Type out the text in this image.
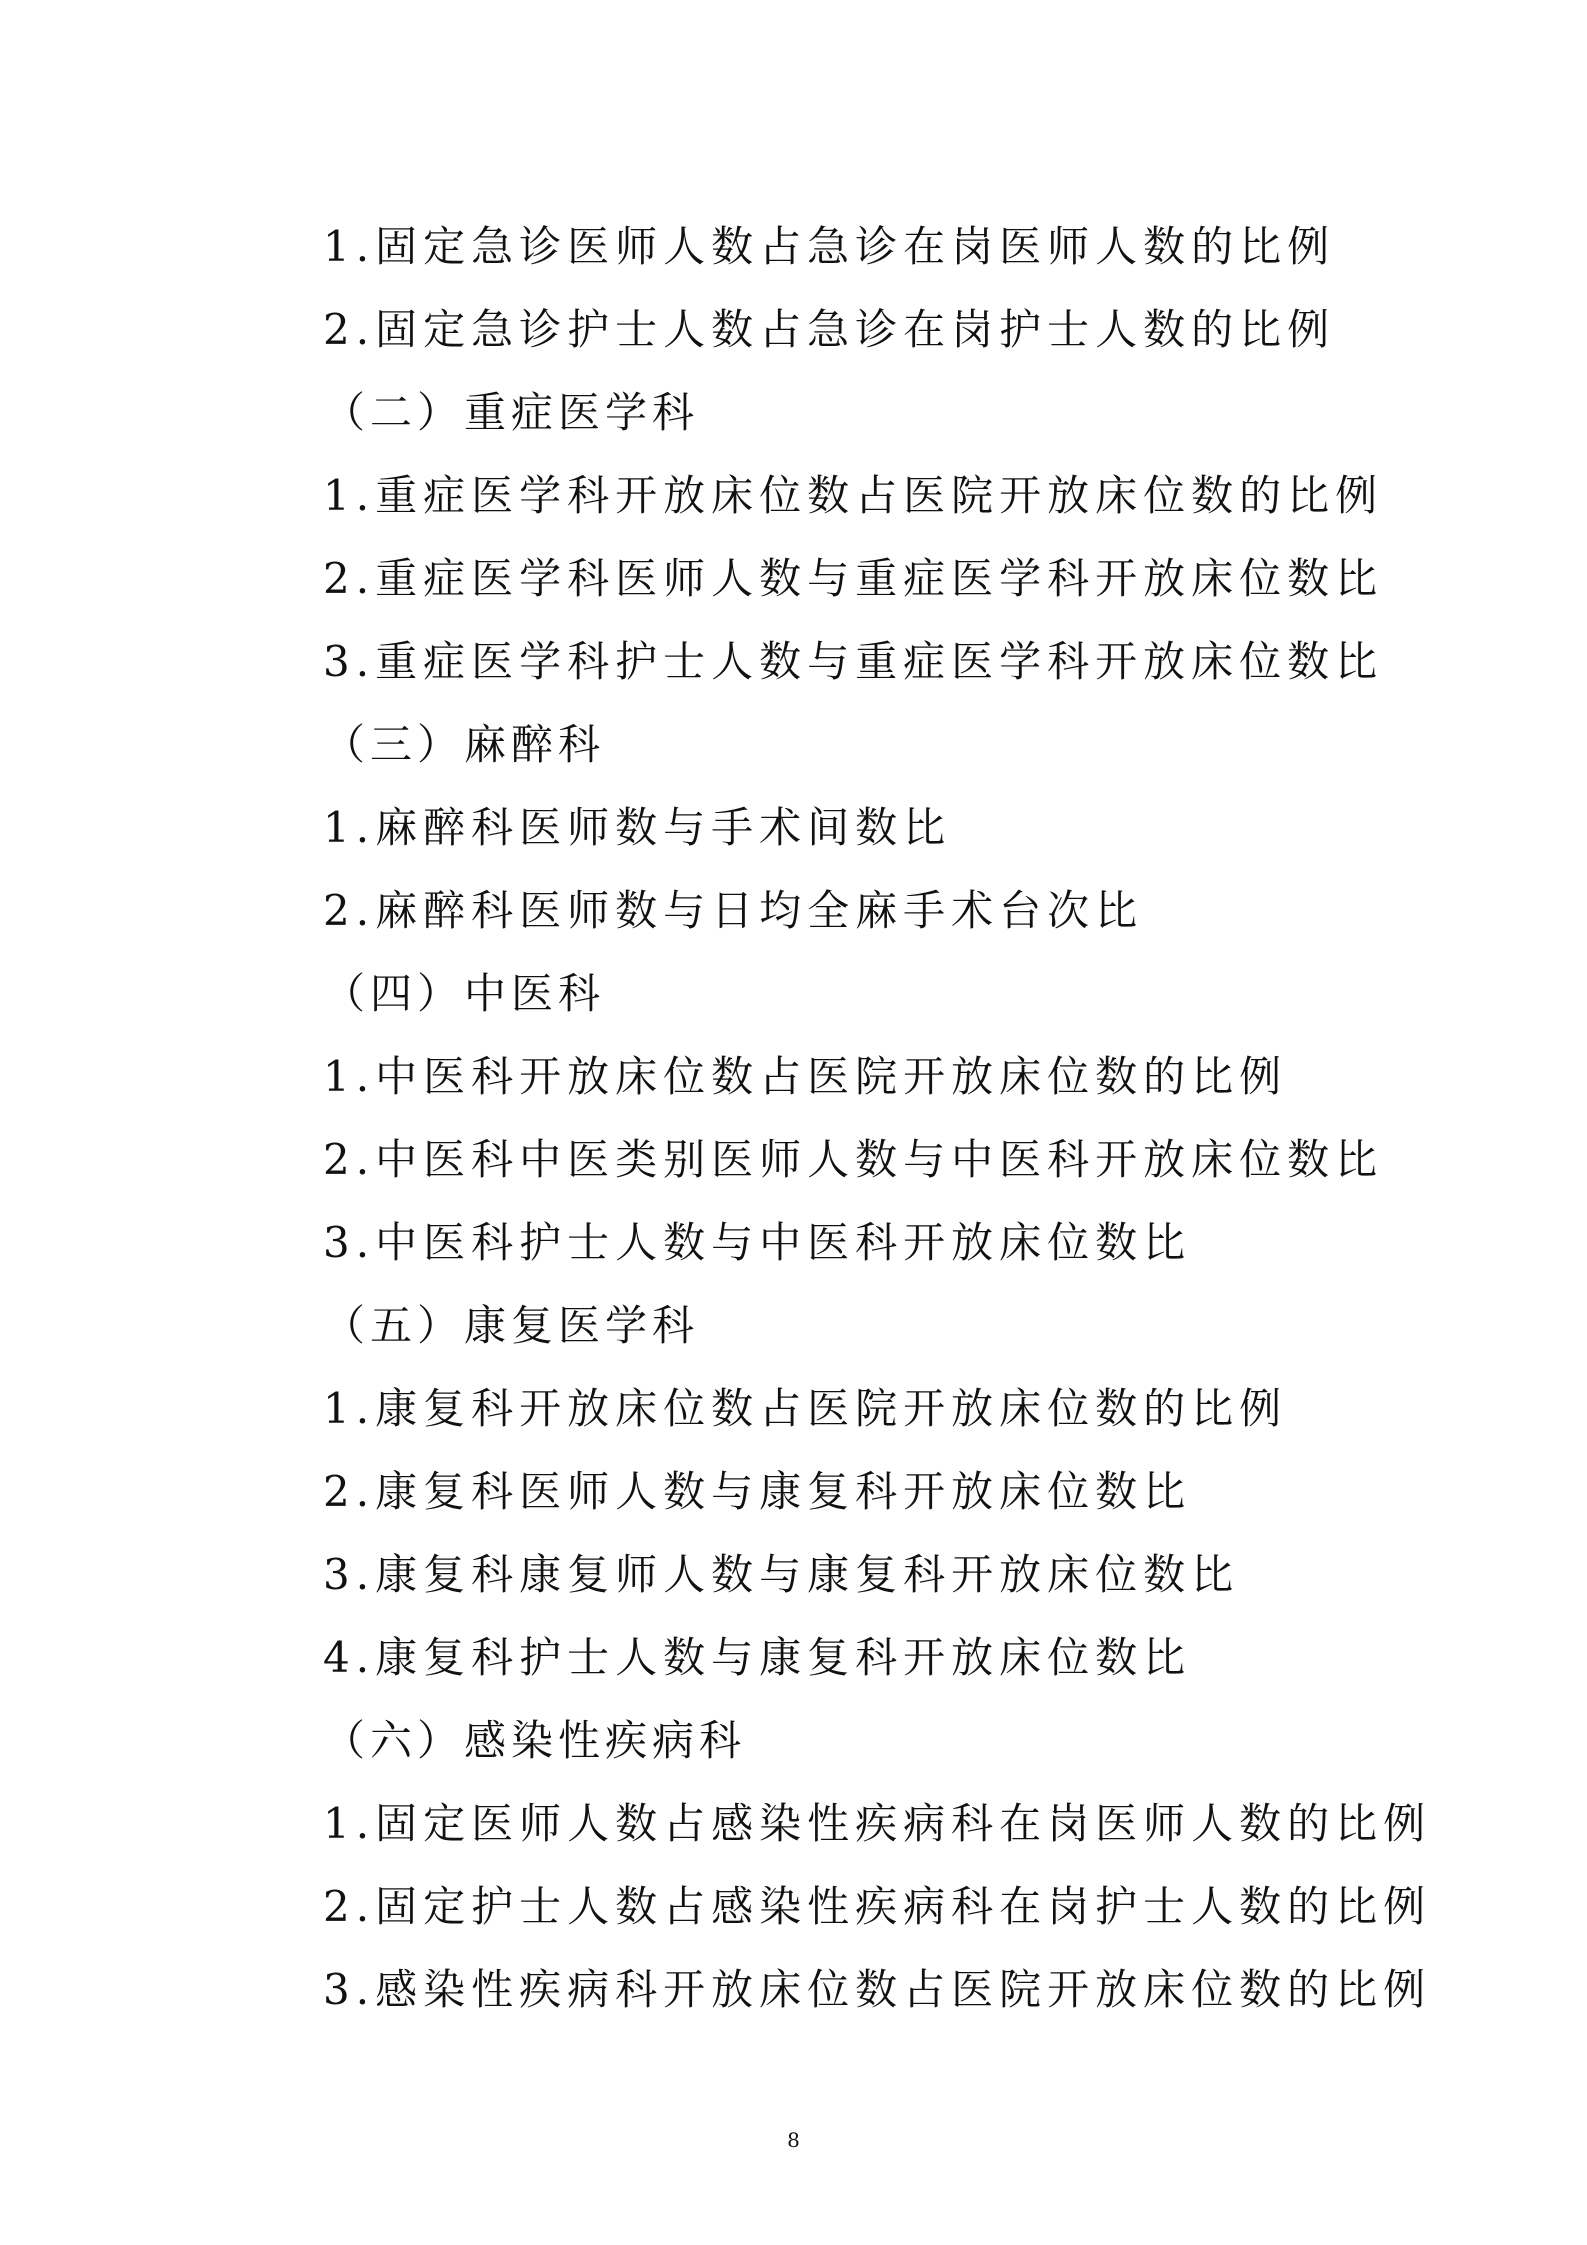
1.固定急诊医师人数占急诊在岗医师人数的比例
2.固定急诊护士人数占急诊在岗护士人数的比例
（二）重症医学科
1.重症医学科开放床位数占医院开放床位数的比例
2.重症医学科医师人数与重症医学科开放床位数比
3.重症医学科护士人数与重症医学科开放床位数比
（三）麻醉科
1.麻醉科医师数与手术间数比
2.麻醉科医师数与日均全麻手术台次比
（四）中医科
1.中医科开放床位数占医院开放床位数的比例
2.中医科中医类别医师人数与中医科开放床位数比
3.中医科护士人数与中医科开放床位数比
（五）康复医学科
1.康复科开放床位数占医院开放床位数的比例
2.康复科医师人数与康复科开放床位数比
3.康复科康复师人数与康复科开放床位数比
4.康复科护士人数与康复科开放床位数比
（六）感染性疾病科
1.固定医师人数占感染性疾病科在岗医师人数的比例
2.固定护士人数占感染性疾病科在岗护士人数的比例
3.感染性疾病科开放床位数占医院开放床位数的比例
8
